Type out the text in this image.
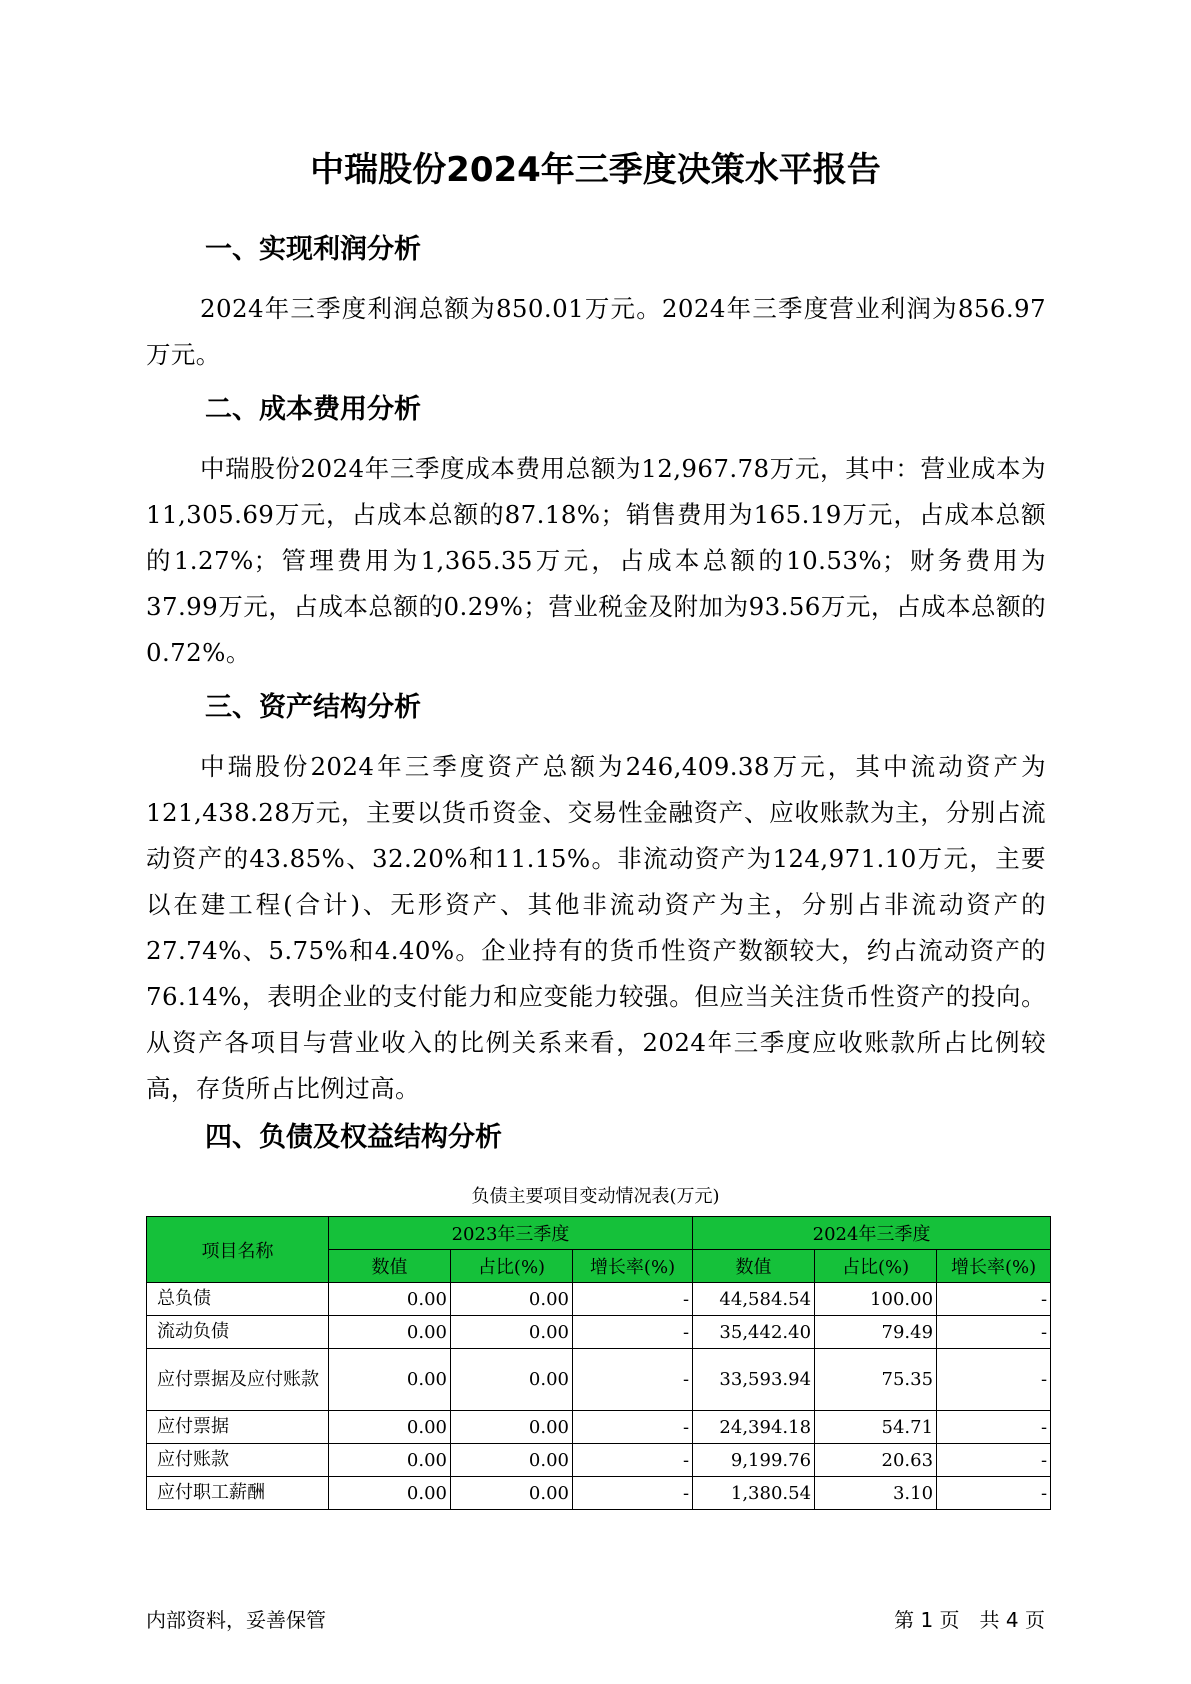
中瑞股份2024年三季度决策水平报告
一、实现利润分析

2024年三季度利润总额为850.01万元。2024年三季度营业利润为856.97万元。

二、成本费用分析

中瑞股份2024年三季度成本费用总额为12,967.78万元，其中：营业成本为11,305.69万元，占成本总额的87.18%；销售费用为165.19万元，占成本总额的1.27%；管理费用为1,365.35万元，占成本总额的10.53%；财务费用为37.99万元，占成本总额的0.29%；营业税金及附加为93.56万元，占成本总额的0.72%。

三、资产结构分析

中瑞股份2024年三季度资产总额为246,409.38万元，其中流动资产为121,438.28万元，主要以货币资金、交易性金融资产、应收账款为主，分别占流动资产的43.85%、32.20%和11.15%。非流动资产为124,971.10万元，主要以在建工程(合计)、无形资产、其他非流动资产为主，分别占非流动资产的27.74%、5.75%和4.40%。企业持有的货币性资产数额较大，约占流动资产的76.14%，表明企业的支付能力和应变能力较强。但应当关注货币性资产的投向。从资产各项目与营业收入的比例关系来看，2024年三季度应收账款所占比例较高，存货所占比例过高。

四、负债及权益结构分析
负债主要项目变动情况表(万元)
项目名称	2023年三季度			2024年三季度		
	数值	占比(%)	增长率(%)	数值	占比(%)	增长率(%)
总负债	0.00	0.00	-	44,584.54	100.00	-
流动负债	0.00	0.00	-	35,442.40	79.49	-
应付票据及应付账款	0.00	0.00	-	33,593.94	75.35	-
应付票据	0.00	0.00	-	24,394.18	54.71	-
应付账款	0.00	0.00	-	9,199.76	20.63	-
应付职工薪酬	0.00	0.00	-	1,380.54	3.10	-
内部资料，妥善保管	第 1 页　共 4 页
